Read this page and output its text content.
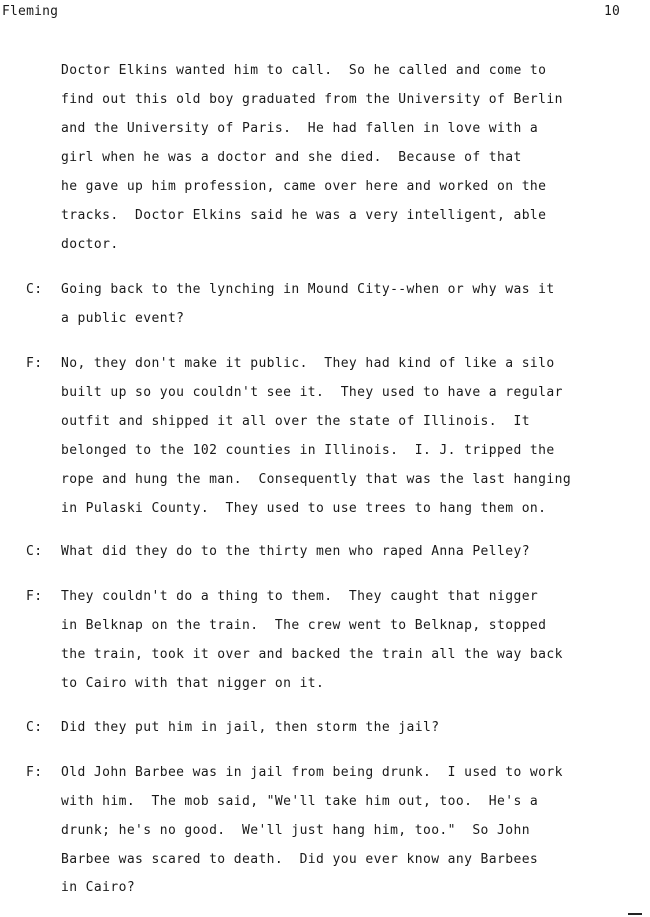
Fleming	10
Doctor Elkins wanted him to call.  So he called and come to
find out this old boy graduated from the University of Berlin
and the University of Paris.  He had fallen in love with a
girl when he was a doctor and she died.  Because of that
he gave up him profession, came over here and worked on the
tracks.  Doctor Elkins said he was a very intelligent, able
doctor.
C: Going back to the lynching in Mound City--when or why was it
a public event?
F: No, they don't make it public.  They had kind of like a silo
built up so you couldn't see it.  They used to have a regular
outfit and shipped it all over the state of Illinois.  It
belonged to the 102 counties in Illinois.  I. J. tripped the
rope and hung the man.  Consequently that was the last hanging
in Pulaski County.  They used to use trees to hang them on.
C: What did they do to the thirty men who raped Anna Pelley?
F: They couldn't do a thing to them.  They caught that nigger
in Belknap on the train.  The crew went to Belknap, stopped
the train, took it over and backed the train all the way back
to Cairo with that nigger on it.
C: Did they put him in jail, then storm the jail?
F: Old John Barbee was in jail from being drunk.  I used to work
with him.  The mob said, "We'll take him out, too.  He's a
drunk; he's no good.  We'll just hang him, too."  So John
Barbee was scared to death.  Did you ever know any Barbees
in Cairo?
